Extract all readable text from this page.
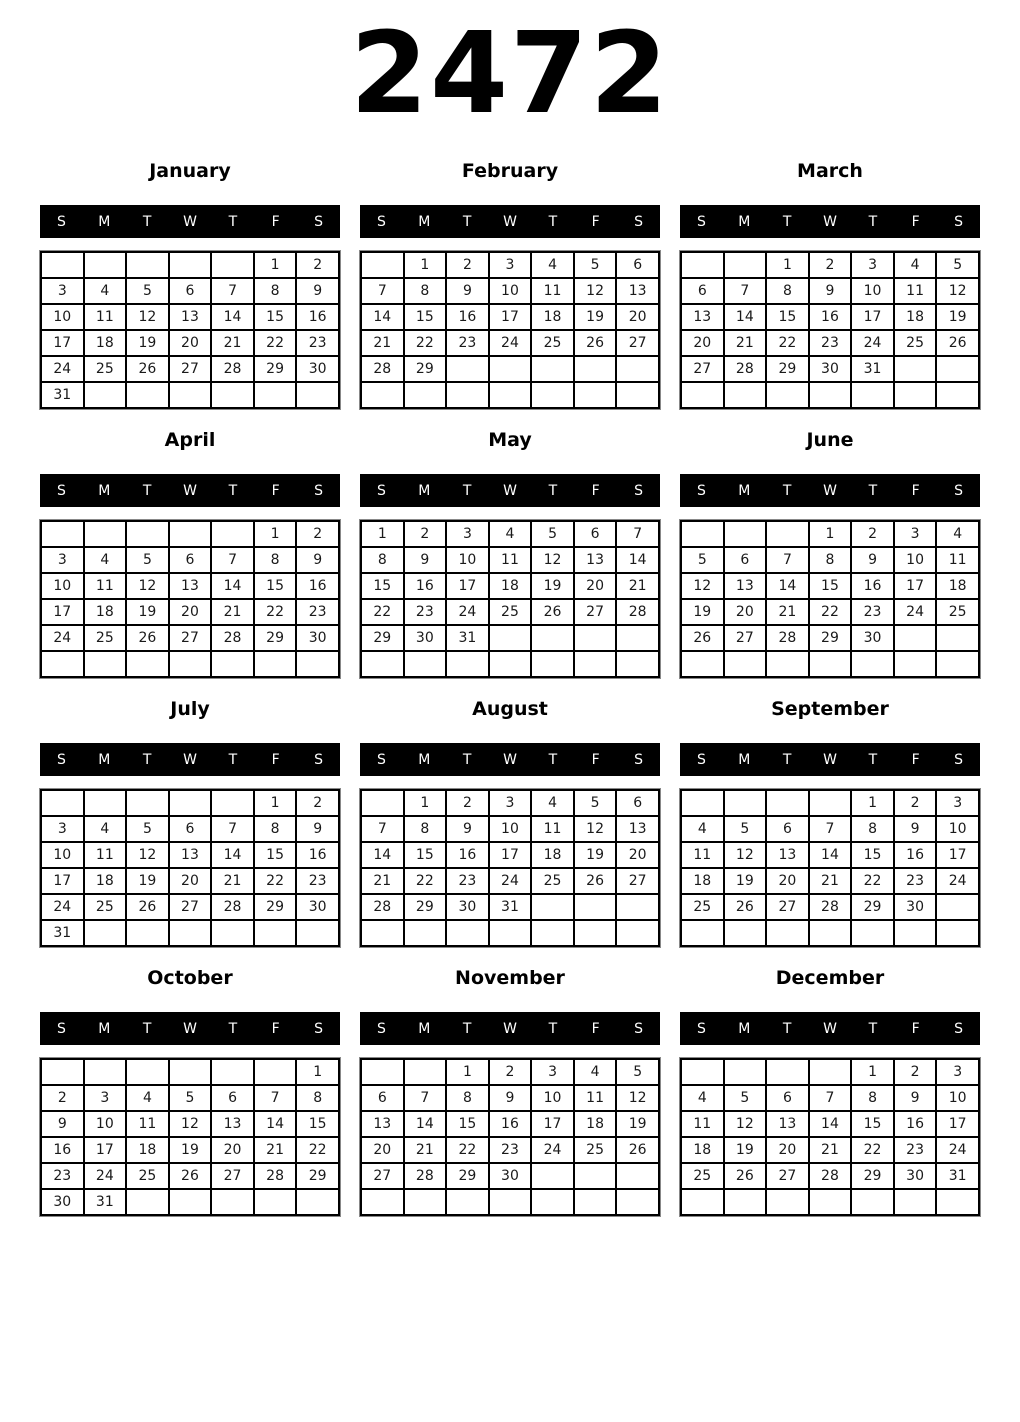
2472
January
S	M	T	W	T	F	S
					1	2
3	4	5	6	7	8	9
10	11	12	13	14	15	16
17	18	19	20	21	22	23
24	25	26	27	28	29	30
31						
February
S	M	T	W	T	F	S
	1	2	3	4	5	6
7	8	9	10	11	12	13
14	15	16	17	18	19	20
21	22	23	24	25	26	27
28	29					

March
S	M	T	W	T	F	S
		1	2	3	4	5
6	7	8	9	10	11	12
13	14	15	16	17	18	19
20	21	22	23	24	25	26
27	28	29	30	31		

April
S	M	T	W	T	F	S
					1	2
3	4	5	6	7	8	9
10	11	12	13	14	15	16
17	18	19	20	21	22	23
24	25	26	27	28	29	30

May
S	M	T	W	T	F	S
1	2	3	4	5	6	7
8	9	10	11	12	13	14
15	16	17	18	19	20	21
22	23	24	25	26	27	28
29	30	31				

June
S	M	T	W	T	F	S
			1	2	3	4
5	6	7	8	9	10	11
12	13	14	15	16	17	18
19	20	21	22	23	24	25
26	27	28	29	30		

July
S	M	T	W	T	F	S
					1	2
3	4	5	6	7	8	9
10	11	12	13	14	15	16
17	18	19	20	21	22	23
24	25	26	27	28	29	30
31						
August
S	M	T	W	T	F	S
	1	2	3	4	5	6
7	8	9	10	11	12	13
14	15	16	17	18	19	20
21	22	23	24	25	26	27
28	29	30	31			

September
S	M	T	W	T	F	S
				1	2	3
4	5	6	7	8	9	10
11	12	13	14	15	16	17
18	19	20	21	22	23	24
25	26	27	28	29	30	

October
S	M	T	W	T	F	S
						1
2	3	4	5	6	7	8
9	10	11	12	13	14	15
16	17	18	19	20	21	22
23	24	25	26	27	28	29
30	31					
November
S	M	T	W	T	F	S
		1	2	3	4	5
6	7	8	9	10	11	12
13	14	15	16	17	18	19
20	21	22	23	24	25	26
27	28	29	30			

December
S	M	T	W	T	F	S
				1	2	3
4	5	6	7	8	9	10
11	12	13	14	15	16	17
18	19	20	21	22	23	24
25	26	27	28	29	30	31
